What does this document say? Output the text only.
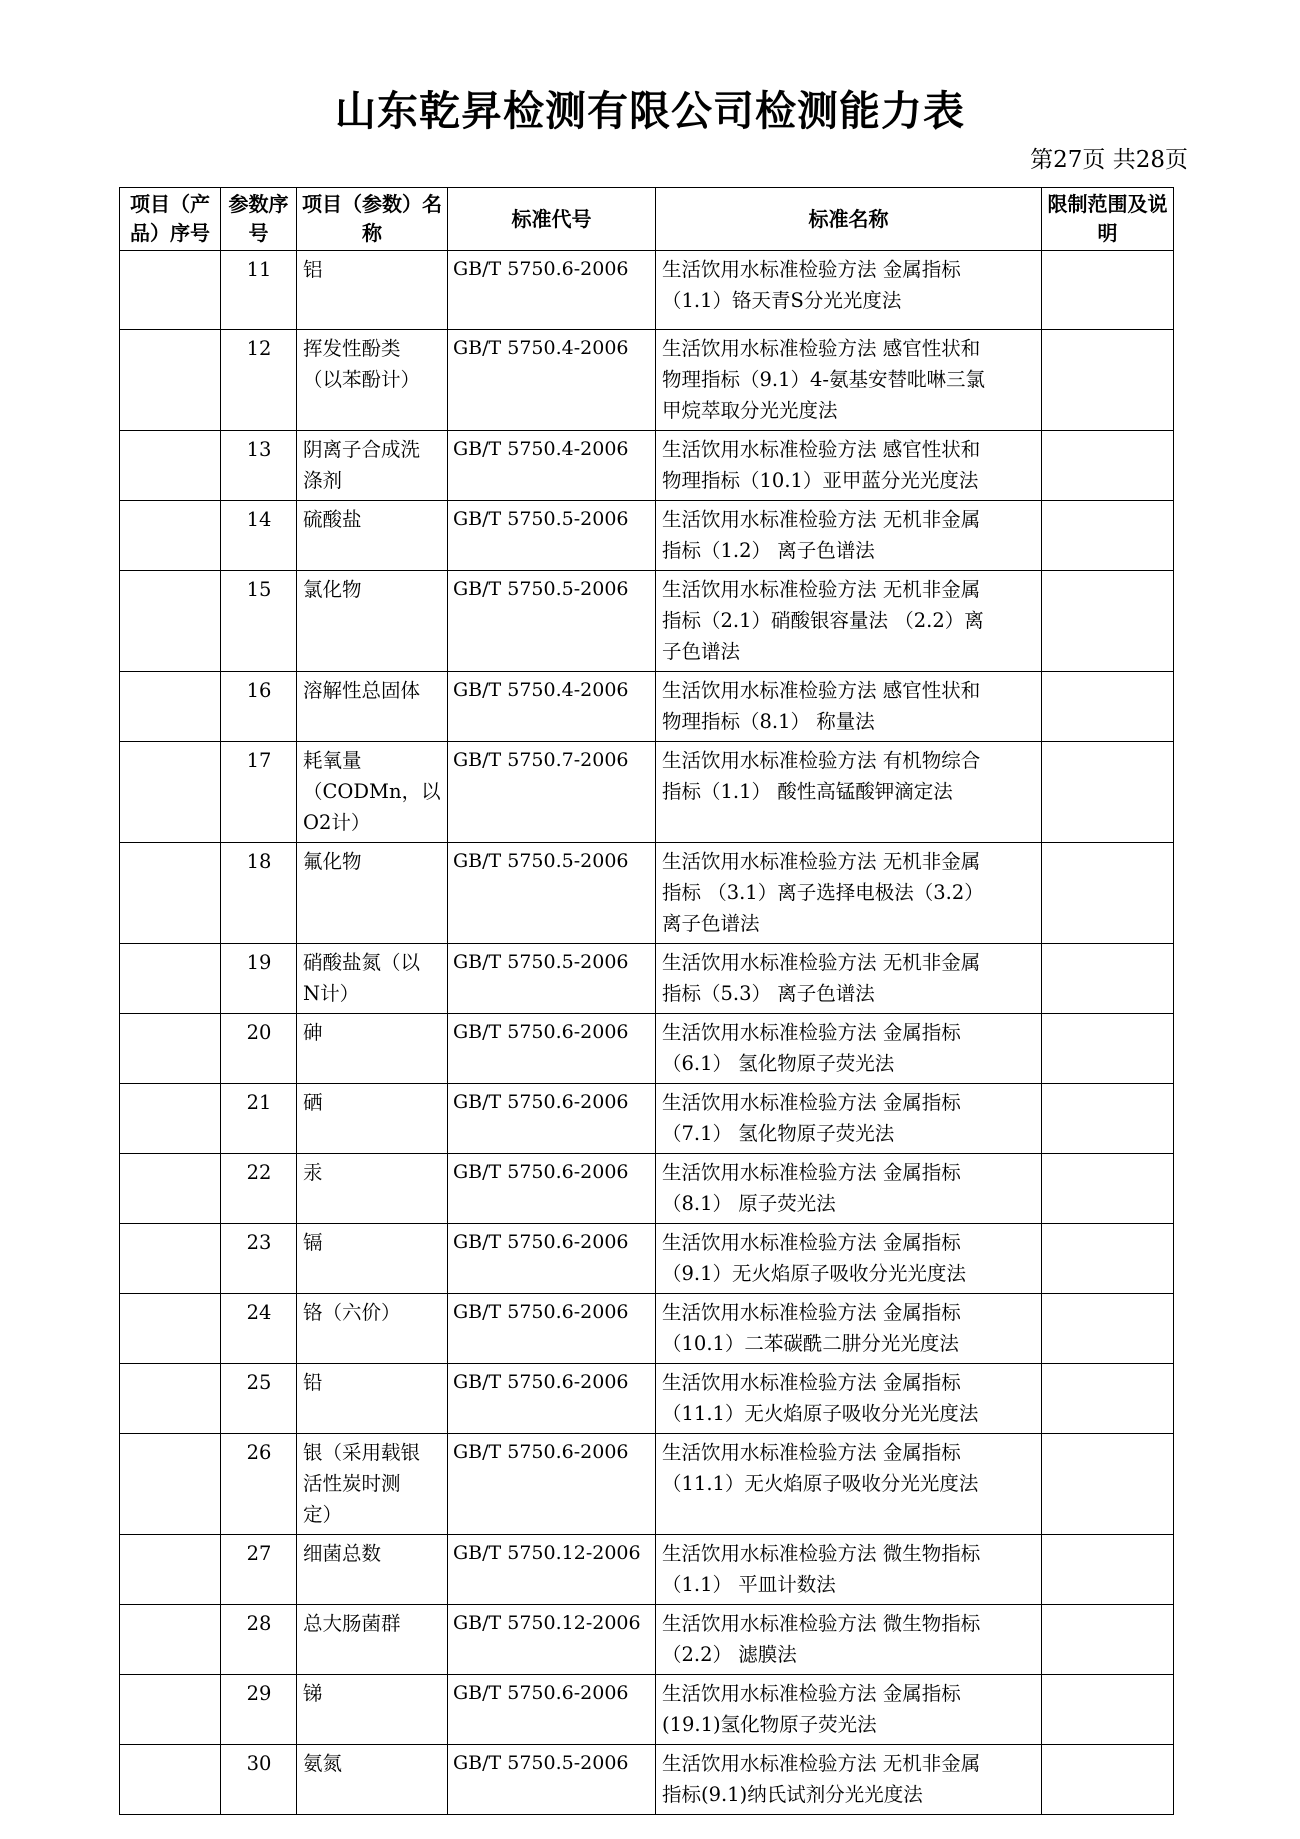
山东乾昇检测有限公司检测能力表
第27页 共28页
项目（产品）序号	参数序号	项目（参数）名称	标准代号	标准名称	限制范围及说明
	11	铝	GB/T 5750.6-2006	生活饮用水标准检验方法 金属指标
（1.1）铬天青S分光光度法	

	12	挥发性酚类
（以苯酚计）	GB/T 5750.4-2006	生活饮用水标准检验方法 感官性状和
物理指标（9.1）4-氨基安替吡啉三氯
甲烷萃取分光光度法	

	13	阴离子合成洗
涤剂	GB/T 5750.4-2006	生活饮用水标准检验方法 感官性状和
物理指标（10.1）亚甲蓝分光光度法	

	14	硫酸盐	GB/T 5750.5-2006	生活饮用水标准检验方法 无机非金属
指标（1.2） 离子色谱法	

	15	氯化物	GB/T 5750.5-2006	生活饮用水标准检验方法 无机非金属
指标（2.1）硝酸银容量法 （2.2）离
子色谱法	

	16	溶解性总固体	GB/T 5750.4-2006	生活饮用水标准检验方法 感官性状和
物理指标（8.1） 称量法	

	17	耗氧量
（CODMn，以
O2计）	GB/T 5750.7-2006	生活饮用水标准检验方法 有机物综合
指标（1.1） 酸性高锰酸钾滴定法	

	18	氟化物	GB/T 5750.5-2006	生活饮用水标准检验方法 无机非金属
指标 （3.1）离子选择电极法（3.2）
离子色谱法	

	19	硝酸盐氮（以
N计）	GB/T 5750.5-2006	生活饮用水标准检验方法 无机非金属
指标（5.3） 离子色谱法	

	20	砷	GB/T 5750.6-2006	生活饮用水标准检验方法 金属指标
（6.1） 氢化物原子荧光法	

	21	硒	GB/T 5750.6-2006	生活饮用水标准检验方法 金属指标
（7.1） 氢化物原子荧光法	

	22	汞	GB/T 5750.6-2006	生活饮用水标准检验方法 金属指标
（8.1） 原子荧光法	

	23	镉	GB/T 5750.6-2006	生活饮用水标准检验方法 金属指标
（9.1）无火焰原子吸收分光光度法	

	24	铬（六价）	GB/T 5750.6-2006	生活饮用水标准检验方法 金属指标
（10.1）二苯碳酰二肼分光光度法	

	25	铅	GB/T 5750.6-2006	生活饮用水标准检验方法 金属指标
（11.1）无火焰原子吸收分光光度法	

	26	银（采用载银
活性炭时测
定）	GB/T 5750.6-2006	生活饮用水标准检验方法 金属指标
（11.1）无火焰原子吸收分光光度法	

	27	细菌总数	GB/T 5750.12-2006	生活饮用水标准检验方法 微生物指标
（1.1） 平皿计数法	

	28	总大肠菌群	GB/T 5750.12-2006	生活饮用水标准检验方法 微生物指标
（2.2） 滤膜法	

	29	锑	GB/T 5750.6-2006	生活饮用水标准检验方法 金属指标
(19.1)氢化物原子荧光法	

	30	氨氮	GB/T 5750.5-2006	生活饮用水标准检验方法 无机非金属
指标(9.1)纳氏试剂分光光度法	
